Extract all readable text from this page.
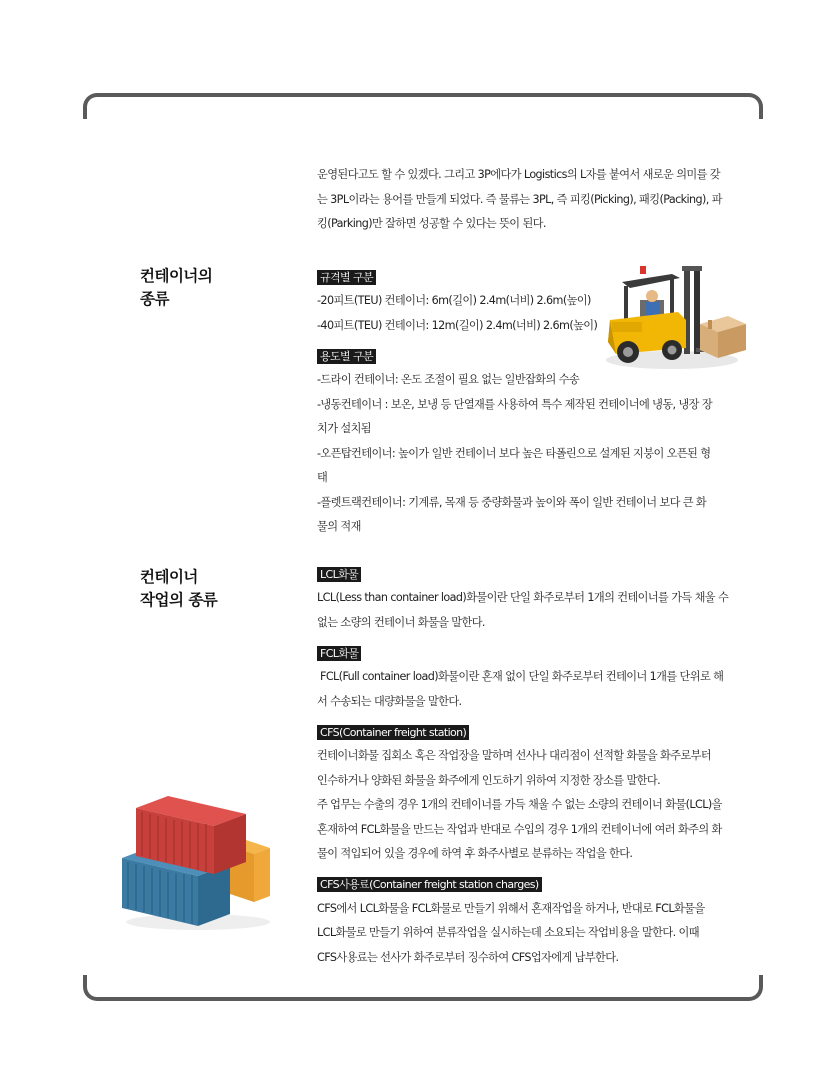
운영된다고도 할 수 있겠다. 그리고 3P에다가 Logistics의 L자를 붙여서 새로운 의미를 갖

는 3PL이라는 용어를 만들게 되었다. 즉 물류는 3PL, 즉 피킹(Picking), 패킹(Packing), 파

킹(Parking)만 잘하면 성공할 수 있다는 뜻이 된다.

컨테이너의
종류
규격별 구분

-20피트(TEU) 컨테이너: 6m(길이) 2.4m(너비) 2.6m(높이)

-40피트(TEU) 컨테이너: 12m(길이) 2.4m(너비) 2.6m(높이)

용도별 구분

-드라이 컨테이너: 온도 조절이 필요 없는 일반잡화의 수송

-냉동컨테이너 : 보온, 보냉 등 단열재를 사용하여 특수 제작된 컨테이너에 냉동, 냉장 장

치가 설치됨

-오픈탑컨테이너: 높이가 일반 컨테이너 보다 높은 타폴린으로 설계된 지붕이 오픈된 형

태

-플렛트랙컨테이너: 기계류, 목재 등 중량화물과 높이와 폭이 일반 컨테이너 보다 큰 화

물의 적재

컨테이너
작업의 종류
LCL화물

LCL(Less than container load)화물이란 단일 화주로부터 1개의 컨테이너를 가득 채울 수

없는 소량의 컨테이너 화물을 말한다.

FCL화물

FCL(Full container load)화물이란 혼재 없이 단일 화주로부터 컨테이너 1개를 단위로 해

서 수송되는 대량화물을 말한다.

CFS(Container freight station)

컨테이너화물 집회소 혹은 작업장을 말하며 선사나 대리점이 선적할 화물을 화주로부터

인수하거나 양화된 화물을 화주에게 인도하기 위하여 지정한 장소를 말한다.

주 업무는 수출의 경우 1개의 컨테이너를 가득 채울 수 없는 소량의 컨테이너 화물(LCL)을

혼재하여 FCL화물을 만드는 작업과 반대로 수입의 경우 1개의 컨테이너에 여러 화주의 화

물이 적입되어 있을 경우에 하역 후 화주사별로 분류하는 작업을 한다.

CFS사용료(Container freight station charges)

CFS에서 LCL화물을 FCL화물로 만들기 위해서 혼재작업을 하거나, 반대로 FCL화물을

LCL화물로 만들기 위하여 분류작업을 실시하는데 소요되는 작업비용을 말한다. 이때

CFS사용료는 선사가 화주로부터 징수하여 CFS업자에게 납부한다.
